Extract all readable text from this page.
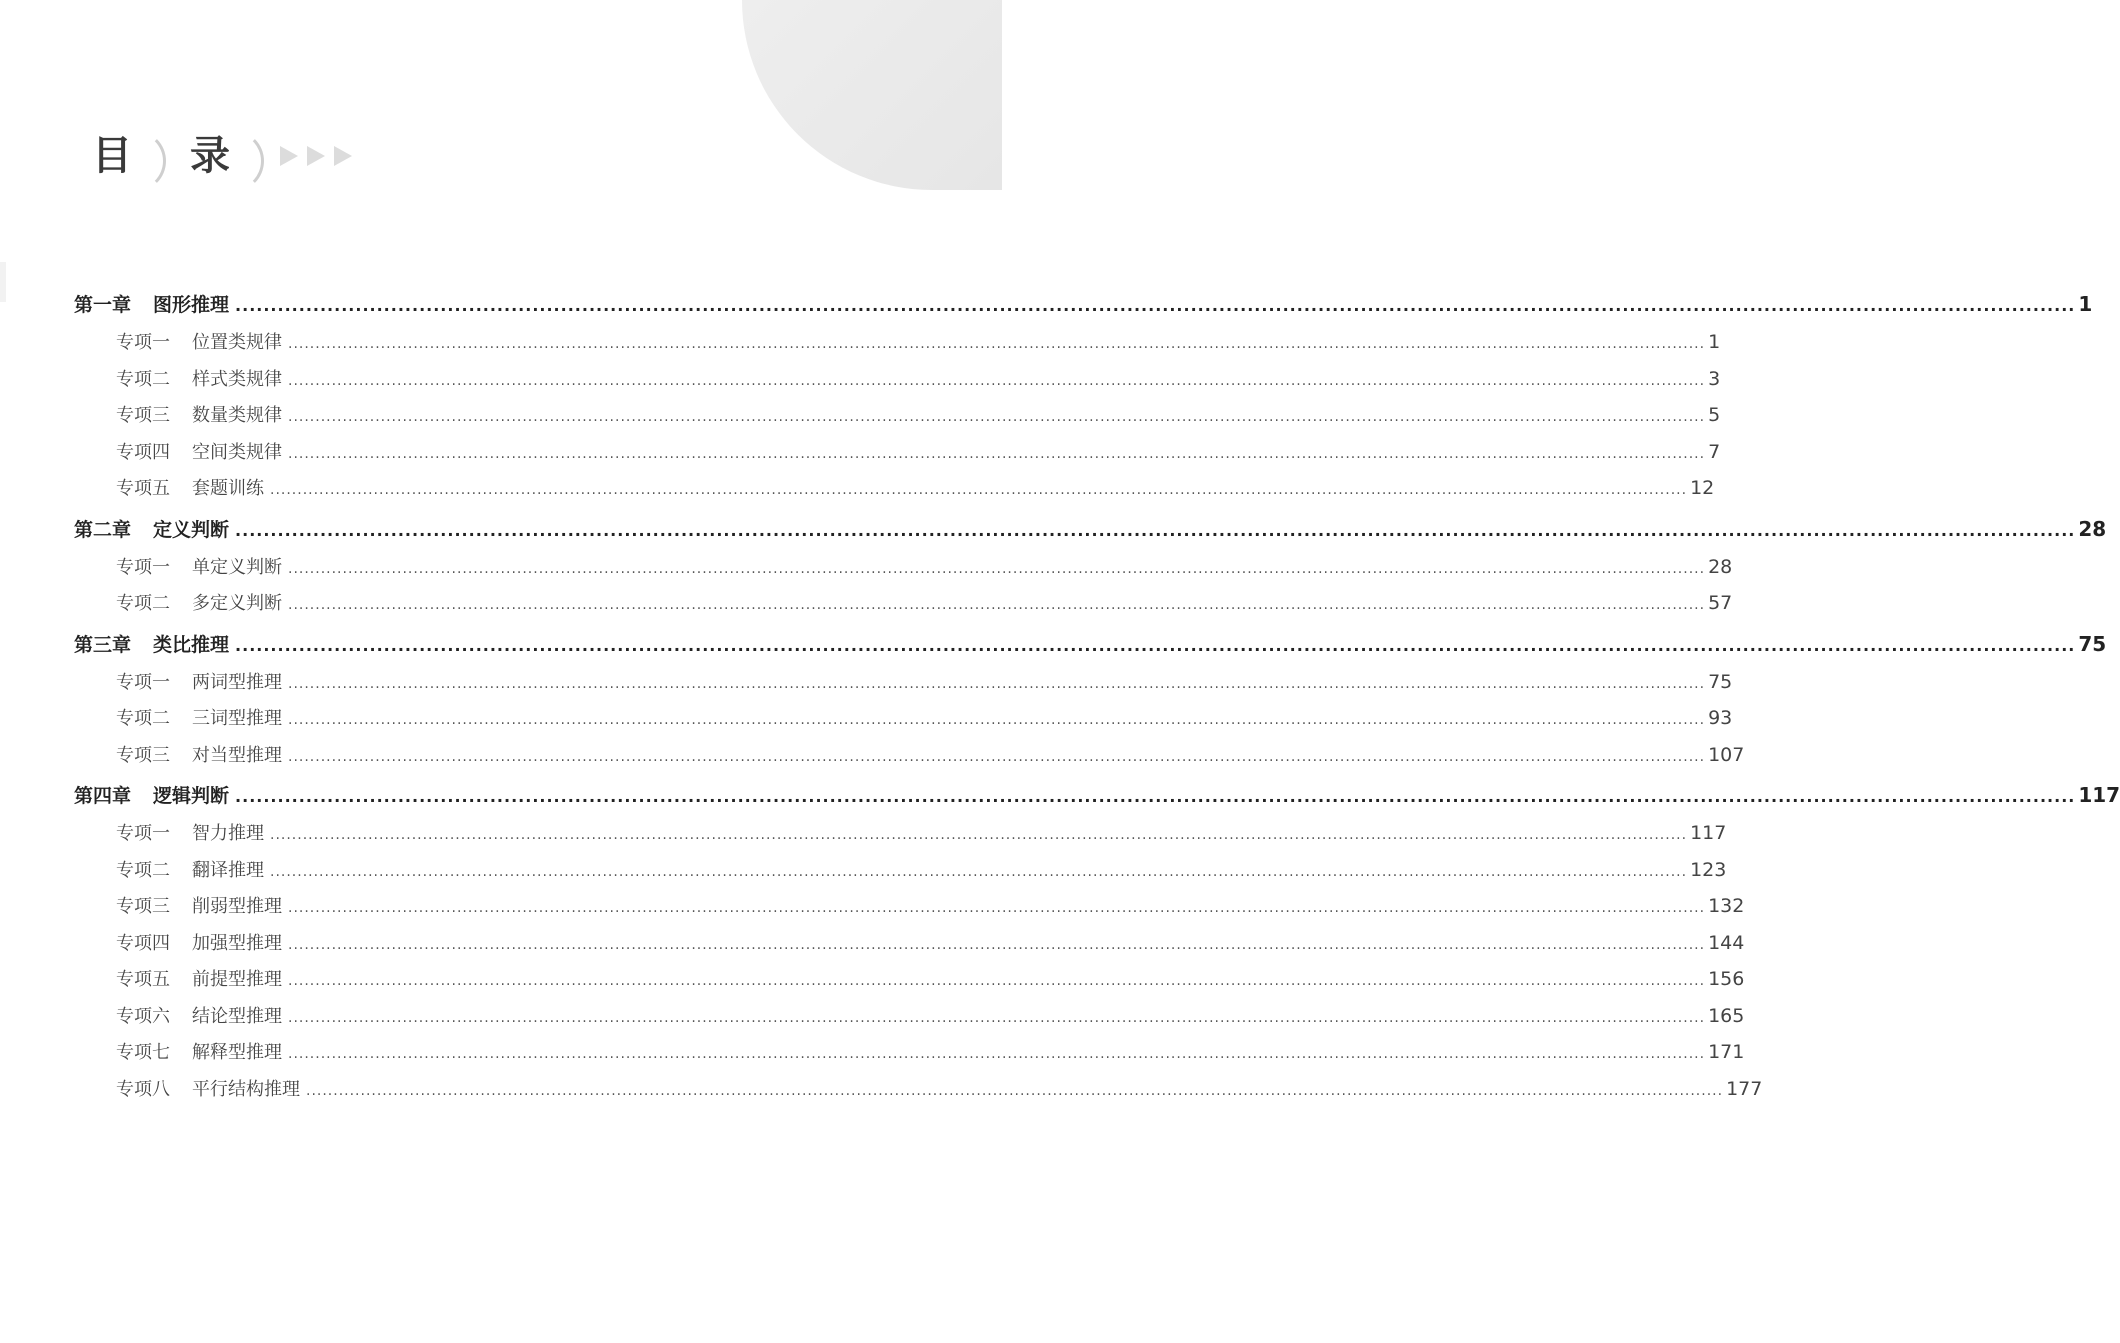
目 录
第一章 图形推理 .................................................................................................................................................................................................................................................................... 1
专项一 位置类规律 .................................................................................................................................................................................................................................................................... 1
专项二 样式类规律 .................................................................................................................................................................................................................................................................... 3
专项三 数量类规律 .................................................................................................................................................................................................................................................................... 5
专项四 空间类规律 .................................................................................................................................................................................................................................................................... 7
专项五 套题训练 .................................................................................................................................................................................................................................................................... 12
第二章 定义判断 .................................................................................................................................................................................................................................................................... 28
专项一 单定义判断 .................................................................................................................................................................................................................................................................... 28
专项二 多定义判断 .................................................................................................................................................................................................................................................................... 57
第三章 类比推理 .................................................................................................................................................................................................................................................................... 75
专项一 两词型推理 .................................................................................................................................................................................................................................................................... 75
专项二 三词型推理 .................................................................................................................................................................................................................................................................... 93
专项三 对当型推理 .................................................................................................................................................................................................................................................................... 107
第四章 逻辑判断 .................................................................................................................................................................................................................................................................... 117
专项一 智力推理 .................................................................................................................................................................................................................................................................... 117
专项二 翻译推理 .................................................................................................................................................................................................................................................................... 123
专项三 削弱型推理 .................................................................................................................................................................................................................................................................... 132
专项四 加强型推理 .................................................................................................................................................................................................................................................................... 144
专项五 前提型推理 .................................................................................................................................................................................................................................................................... 156
专项六 结论型推理 .................................................................................................................................................................................................................................................................... 165
专项七 解释型推理 .................................................................................................................................................................................................................................................................... 171
专项八 平行结构推理 .................................................................................................................................................................................................................................................................... 177
